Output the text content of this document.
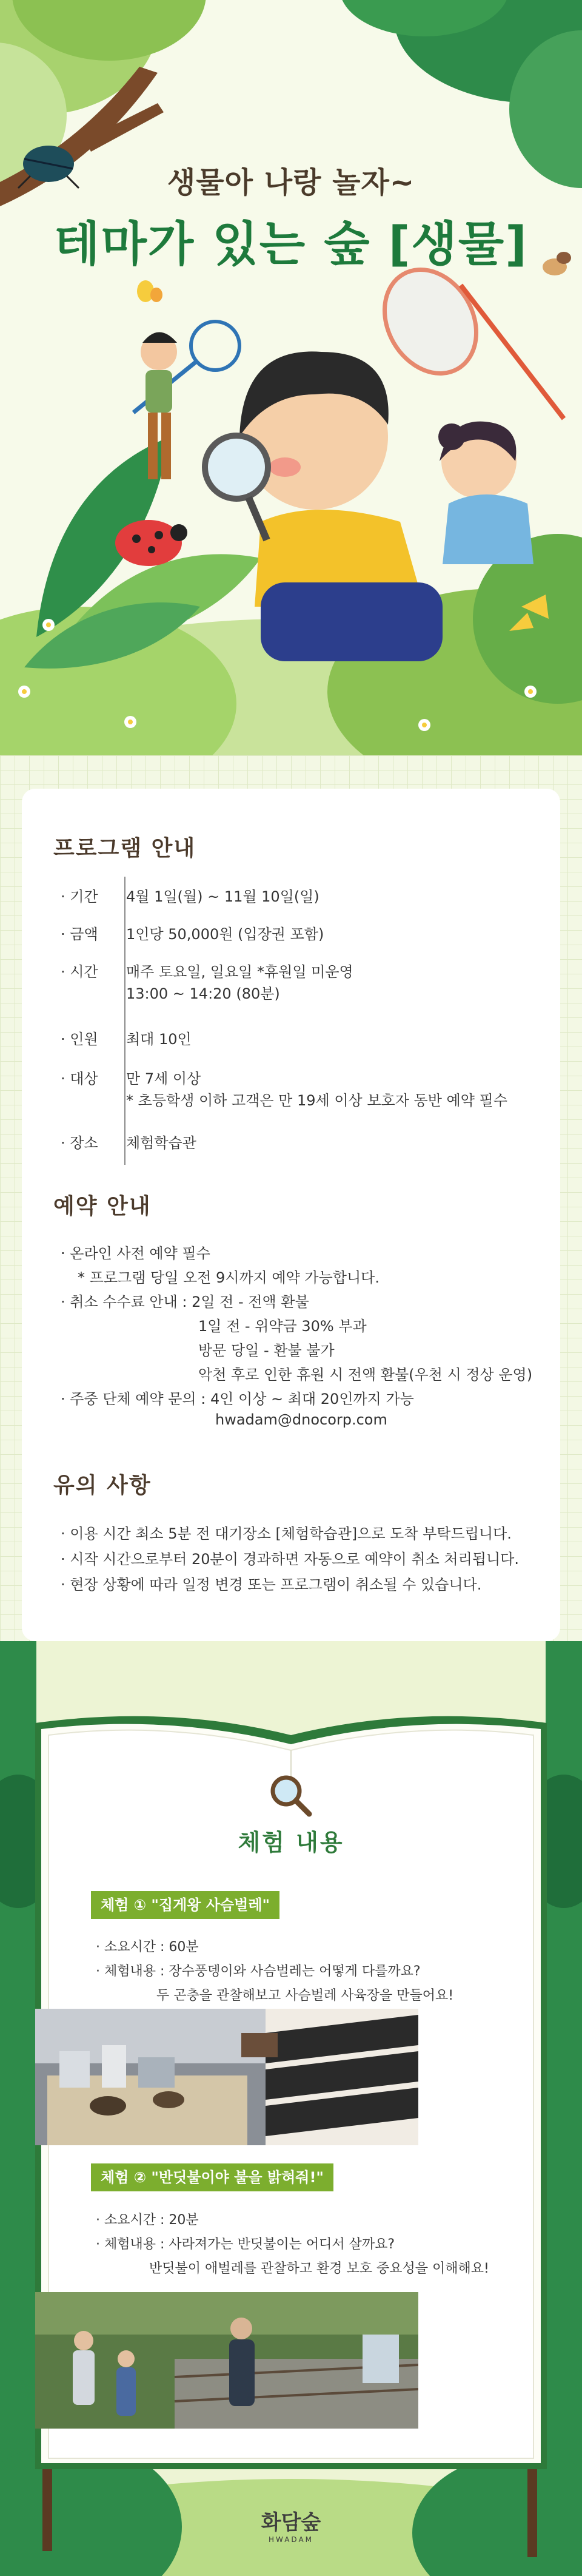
생물아 나랑 놀자~
테마가 있는 숲 [생물]
프로그램 안내
· 기간 4월 1일(월) ~ 11월 10일(일)
· 금액 1인당 50,000원 (입장권 포함)
· 시간 매주 토요일, 일요일 *휴원일 미운영
13:00 ~ 14:20 (80분)
· 인원 최대 10인
· 대상 만 7세 이상
* 초등학생 이하 고객은 만 19세 이상 보호자 동반 예약 필수
· 장소 체험학습관
예약 안내
· 온라인 사전 예약 필수
* 프로그램 당일 오전 9시까지 예약 가능합니다.
· 취소 수수료 안내 : 2일 전 - 전액 환불
1일 전 - 위약금 30% 부과
방문 당일 - 환불 불가
악천 후로 인한 휴원 시 전액 환불(우천 시 정상 운영)
· 주중 단체 예약 문의 : 4인 이상 ~ 최대 20인까지 가능
hwadam@dnocorp.com
유의 사항
· 이용 시간 최소 5분 전 대기장소 [체험학습관]으로 도착 부탁드립니다.
· 시작 시간으로부터 20분이 경과하면 자동으로 예약이 취소 처리됩니다.
· 현장 상황에 따라 일정 변경 또는 프로그램이 취소될 수 있습니다.
체험 내용
체험 ① "집게왕 사슴벌레"
· 소요시간 : 60분
· 체험내용 : 장수풍뎅이와 사슴벌레는 어떻게 다를까요?
두 곤충을 관찰해보고 사슴벌레 사육장을 만들어요!
체험 ② "반딧불이야 불을 밝혀줘!"
· 소요시간 : 20분
· 체험내용 : 사라져가는 반딧불이는 어디서 살까요?
반딧불이 애벌레를 관찰하고 환경 보호 중요성을 이해해요!
화담숲
HWADAM
